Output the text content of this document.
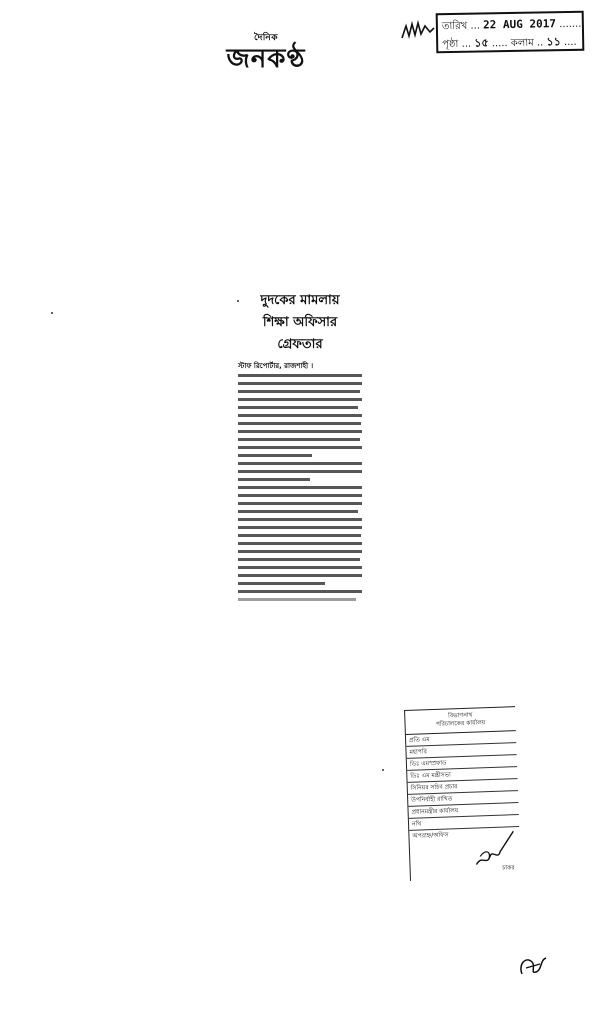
দৈনিক
জনকণ্ঠ
তারিখ ... 22 AUG 2017 .......
পৃষ্ঠা ... ১৫ ..... কলাম .. ১১ ....
দুদকের মামলায়
শিক্ষা অফিসার
গ্রেফতার
স্টাফ রিপোর্টার, রাজশাহী ।
বিভাগনাথ
পরিচালকের কার্যালয়
প্রতি এম
মহাপরি
ডিঃ এমস্প্রফাড
ডিঃ এম মন্ত্রীসভা
সিনিয়র সচিব প্রচার
উপনির্বাহী রাখিত
প্রধানমন্ত্রীর কার্যালয়
নথি
অপরাহ্ন/অফিস
চাকর
